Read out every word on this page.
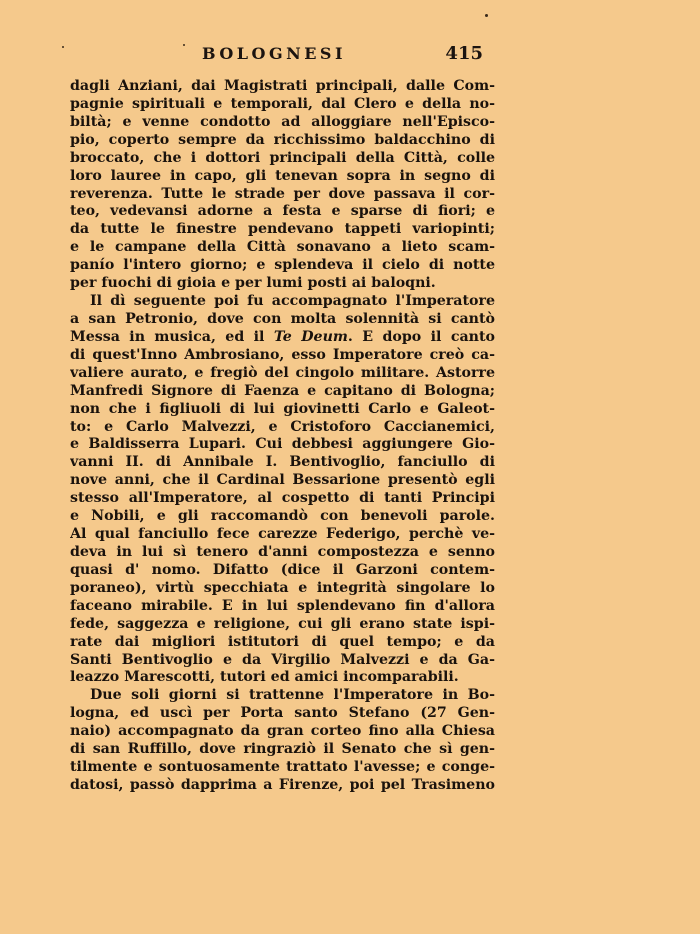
BOLOGNESI	415
dagli Anziani, dai Magistrati principali, dalle Com-
pagnie spirituali e temporali, dal Clero e della no-
biltà; e venne condotto ad alloggiare nell'Episco-
pio, coperto sempre da ricchissimo baldacchino di
broccato, che i dottori principali della Città, colle
loro lauree in capo, gli tenevan sopra in segno di
reverenza. Tutte le strade per dove passava il cor-
teo, vedevansi adorne a festa e sparse di fiori; e
da tutte le finestre pendevano tappeti variopinti;
e le campane della Città sonavano a lieto scam-
panío l'intero giorno; e splendeva il cielo di notte
per fuochi di gioia e per lumi posti ai baloqni.
Il dì seguente poi fu accompagnato l'Imperatore
a san Petronio, dove con molta solennità si cantò
Messa in musica, ed il Te Deum. E dopo il canto
di quest'Inno Ambrosiano, esso Imperatore creò ca-
valiere aurato, e fregiò del cingolo militare. Astorre
Manfredi Signore di Faenza e capitano di Bologna;
non che i figliuoli di lui giovinetti Carlo e Galeot-
to: e Carlo Malvezzi, e Cristoforo Caccianemici,
e Baldisserra Lupari. Cui debbesi aggiungere Gio-
vanni II. di Annibale I. Bentivoglio, fanciullo di
nove anni, che il Cardinal Bessarione presentò egli
stesso all'Imperatore, al cospetto di tanti Principi
e Nobili, e gli raccomandò con benevoli parole.
Al qual fanciullo fece carezze Federigo, perchè ve-
deva in lui sì tenero d'anni compostezza e senno
quasi d' nomo. Difatto (dice il Garzoni contem-
poraneo), virtù specchiata e integrità singolare lo
faceano mirabile. E in lui splendevano fin d'allora
fede, saggezza e religione, cui gli erano state ispi-
rate dai migliori istitutori di quel tempo; e da
Santi Bentivoglio e da Virgilio Malvezzi e da Ga-
leazzo Marescotti, tutori ed amici incomparabili.
Due soli giorni si trattenne l'Imperatore in Bo-
logna, ed uscì per Porta santo Stefano (27 Gen-
naio) accompagnato da gran corteo fino alla Chiesa
di san Ruffillo, dove ringraziò il Senato che sì gen-
tilmente e sontuosamente trattato l'avesse; e conge-
datosi, passò dapprima a Firenze, poi pel Trasimeno
